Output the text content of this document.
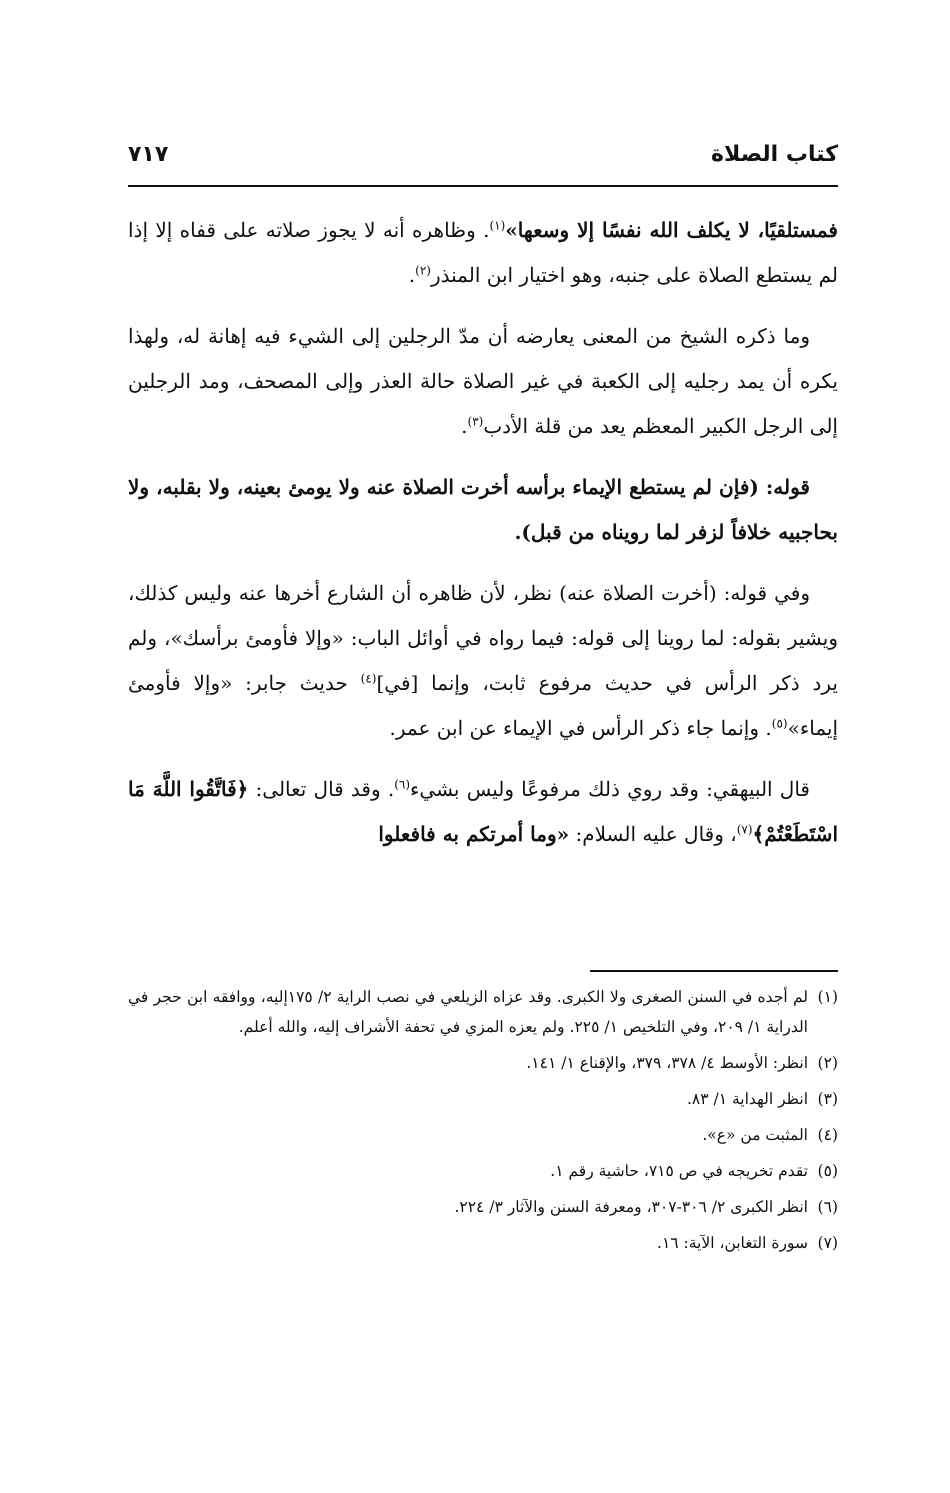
كتاب الصلاة
٧١٧

فمستلقيًا، لا يكلف الله نفسًا إلا وسعها»$^{(١)}$. وظاهره أنه لا يجوز صلاته على قفاه إلا إذا لم يستطع الصلاة على جنبه، وهو اختيار ابن المنذر$^{(٢)}$.

وما ذكره الشيخ من المعنى يعارضه أن مدّ الرجلين إلى الشيء فيه إهانة له، ولهذا يكره أن يمد رجليه إلى الكعبة في غير الصلاة حالة العذر وإلى المصحف، ومد الرجلين إلى الرجل الكبير المعظم يعد من قلة الأدب$^{(٣)}$.

قوله: (فإن لم يستطع الإيماء برأسه أخرت الصلاة عنه ولا يومئ بعينه، ولا بقلبه، ولا بحاجبيه خلافاً لزفر لما رويناه من قبل).

وفي قوله: (أخرت الصلاة عنه) نظر، لأن ظاهره أن الشارع أخرها عنه وليس كذلك، ويشير بقوله: لما روينا إلى قوله: فيما رواه في أوائل الباب: «وإلا فأومئ برأسك»، ولم يرد ذكر الرأس في حديث مرفوع ثابت، وإنما [في]$^{(٤)}$ حديث جابر: «وإلا فأومئ إيماء»$^{(٥)}$. وإنما جاء ذكر الرأس في الإيماء عن ابن عمر.

قال البيهقي: وقد روي ذلك مرفوعًا وليس بشيء$^{(٦)}$. وقد قال تعالى: ﴿فَاتَّقُوا اللَّهَ مَا اسْتَطَعْتُمْ﴾$^{(٧)}$، وقال عليه السلام: «وما أمرتكم به فافعلوا

(١)
لم أجده في السنن الصغرى ولا الكبرى. وقد عزاه الزيلعي في نصب الراية ٢/ ١٧٥إليه، ووافقه ابن حجر في الدراية ١/ ٢٠٩، وفي التلخيص ١/ ٢٢٥. ولم يعزه المزي في تحفة الأشراف إليه، والله أعلم.
(٢)
انظر: الأوسط ٤/ ٣٧٨، ٣٧٩، والإقناع ١/ ١٤١.
(٣)
انظر الهداية ١/ ٨٣.
(٤)
المثبت من «ع».
(٥)
تقدم تخريجه في ص ٧١٥، حاشية رقم ١.
(٦)
انظر الكبرى ٢/ ٣٠٦-٣٠٧، ومعرفة السنن والآثار ٣/ ٢٢٤.
(٧)
سورة التغابن، الآية: ١٦.
